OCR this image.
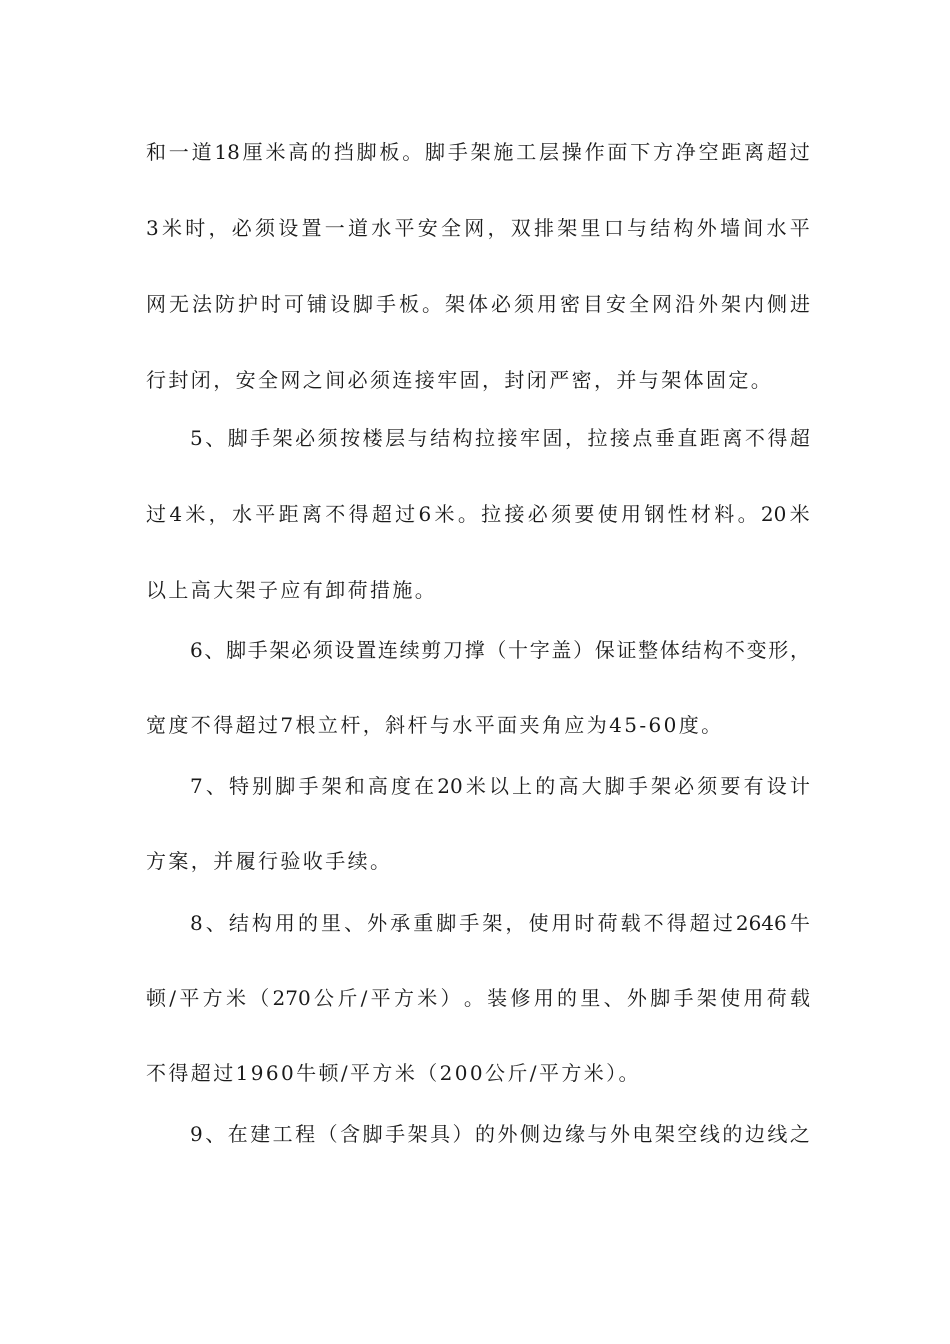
和 一 道 18 厘 米 高 的 挡 脚 板 。 脚 手 架 施 工 层 操 作 面 下 方 净 空 距 离 超 过
3 米 时 ， 必 须 设 置 一 道 水 平 安 全 网 ， 双 排 架 里 口 与 结 构 外 墙 间 水 平
网 无 法 防 护 时 可 铺 设 脚 手 板 。 架 体 必 须 用 密 目 安 全 网 沿 外 架 内 侧 进
行封闭，安全网之间必须连接牢固，封闭严密，并与架体固定。
5 、 脚 手 架 必 须 按 楼 层 与 结 构 拉 接 牢 固 ， 拉 接 点 垂 直 距 离 不 得 超
过 4 米 ， 水 平 距 离 不 得 超 过 6 米 。 拉 接 必 须 要 使 用 钢 性 材 料 。 20 米
以上高大架子应有卸荷措施。
6 、 脚 手 架 必 须 设 置 连 续 剪 刀 撑 （ 十 字 盖 ） 保 证 整 体 结 构 不 变 形 ，
宽度不得超过7根立杆，斜杆与水平面夹角应为45-60度。
7 、 特 别 脚 手 架 和 高 度 在 20 米 以 上 的 高 大 脚 手 架 必 须 要 有 设 计
方案，并履行验收手续。
8 、 结 构 用 的 里 、 外 承 重 脚 手 架 ， 使 用 时 荷 载 不 得 超 过 2646 牛
顿 / 平 方 米 （ 270 公 斤 / 平 方 米 ） 。 装 修 用 的 里 、 外 脚 手 架 使 用 荷 载
不得超过1960牛顿/平方米（200公斤/平方米）。
9 、 在 建 工 程 （ 含 脚 手 架 具 ） 的 外 侧 边 缘 与 外 电 架 空 线 的 边 线 之
